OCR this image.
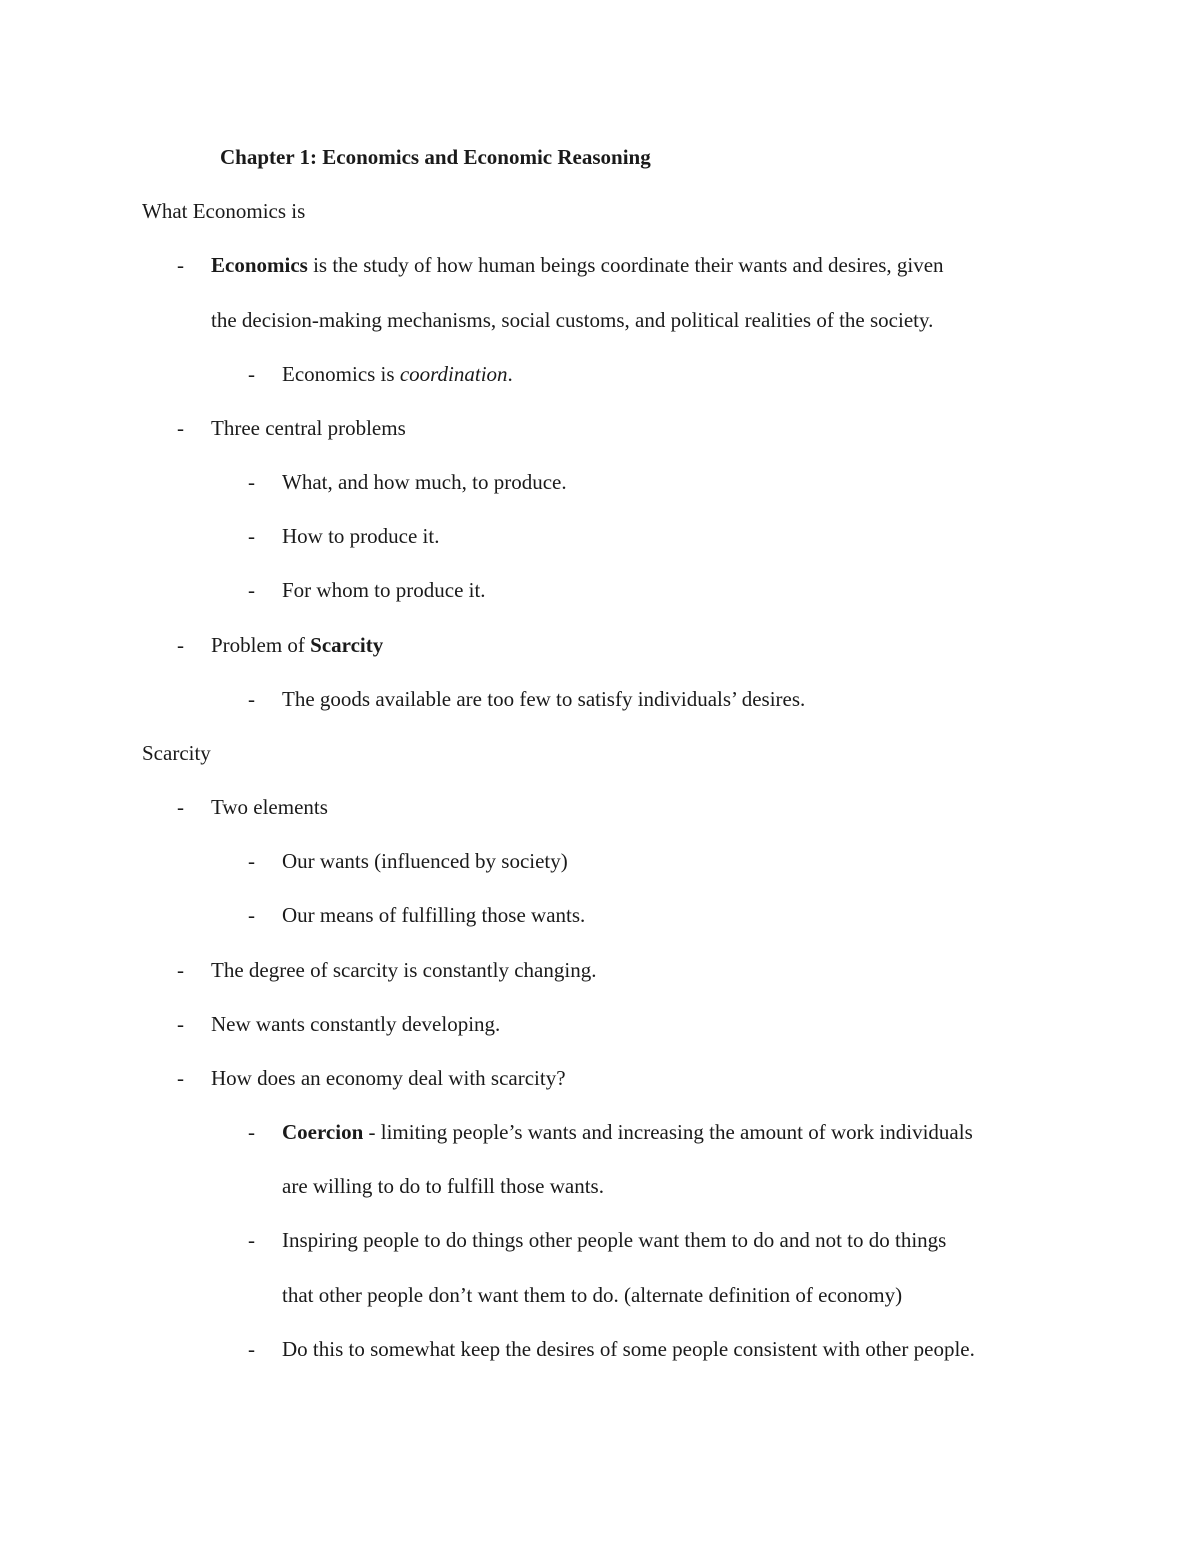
Chapter 1: Economics and Economic Reasoning
What Economics is
- Economics is the study of how human beings coordinate their wants and desires, given
the decision-making mechanisms, social customs, and political realities of the society.
- Economics is coordination.
- Three central problems
- What, and how much, to produce.
- How to produce it.
- For whom to produce it.
- Problem of Scarcity
- The goods available are too few to satisfy individuals’ desires.
Scarcity
- Two elements
- Our wants (influenced by society)
- Our means of fulfilling those wants.
- The degree of scarcity is constantly changing.
- New wants constantly developing.
- How does an economy deal with scarcity?
- Coercion - limiting people’s wants and increasing the amount of work individuals
are willing to do to fulfill those wants.
- Inspiring people to do things other people want them to do and not to do things
that other people don’t want them to do. (alternate definition of economy)
- Do this to somewhat keep the desires of some people consistent with other people.
